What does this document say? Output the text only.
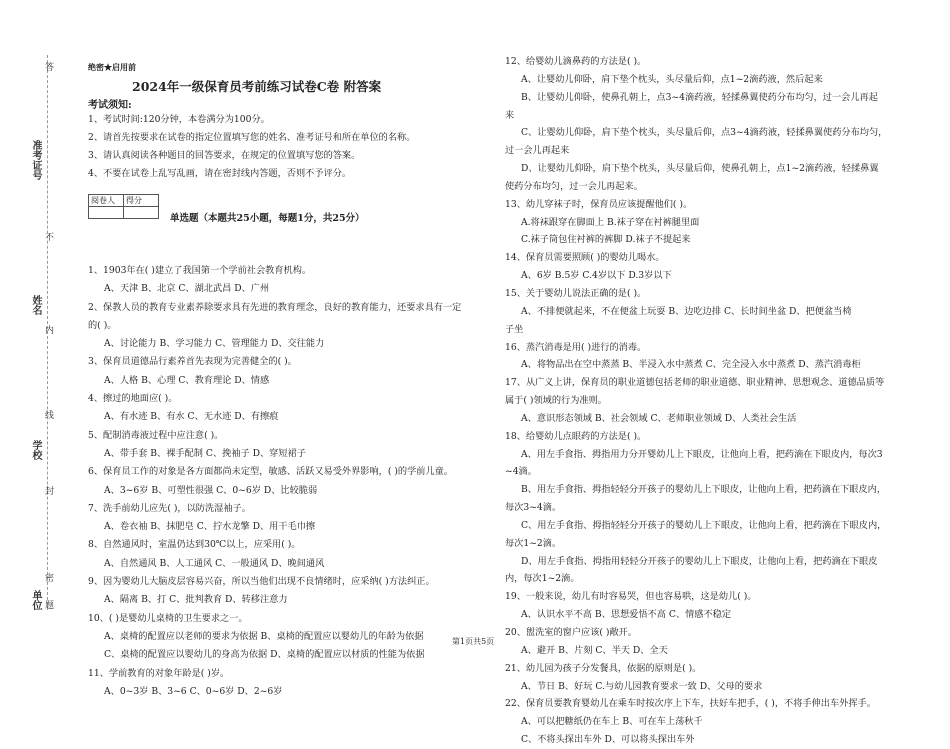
准考证号
姓名
学校
单位
答
不
内
线
封
密
题
绝密★启用前
2024年一级保育员考前练习试卷C卷 附答案
考试须知:

1、考试时间:120分钟，本卷满分为100分。

2、请首先按要求在试卷的指定位置填写您的姓名、准考证号和所在单位的名称。

3、请认真阅读各种题目的回答要求，在规定的位置填写您的答案。

4、不要在试卷上乱写乱画，请在密封线内答题，否则不予评分。

阅卷人	得分

单选题（本题共25小题，每题1分，共25分）

1、1903年在( )建立了我国第一个学前社会教育机构。

A、天津 B、北京 C、湖北武昌 D、广州

2、保教人员的教育专业素养除要求具有先进的教育理念，良好的教育能力，还要求具有一定

的( )。

A、讨论能力 B、学习能力 C、管理能力 D、交往能力

3、保育员道德品行素养首先表现为完善健全的( )。

A、人格 B、心理 C、教育理论 D、情感

4、擦过的地面应( )。

A、有水迹 B、有水 C、无水迹 D、有擦痕

5、配制消毒液过程中应注意( )。

A、带手套 B、裸手配制 C、挽袖子 D、穿短裙子

6、保育员工作的对象是各方面都尚未定型，敏感、活跃又易受外界影响，( )的学前儿童。

A、3~6岁 B、可塑性很强 C、0~6岁 D、比较脆弱

7、洗手前幼儿应先( )，以防洗湿袖子。

A、卷衣袖 B、抹肥皂 C、拧水龙擎 D、用干毛巾擦

8、自然通风时，室温仍达到30℃以上，应采用( )。

A、自然通风 B、人工通风 C、一般通风 D、晚间通风

9、因为婴幼儿大脑皮层容易兴奋，所以当他们出现不良情绪时，应采纳( )方法纠正。

A、隔离 B、打 C、批判教育 D、转移注意力

10、( )是婴幼儿桌椅的卫生要求之一。

A、桌椅的配置应以老师的要求为依据 B、桌椅的配置应以婴幼儿的年龄为依据

C、桌椅的配置应以婴幼儿的身高为依据 D、桌椅的配置应以材质的性能为依据

11、学前教育的对象年龄是( )岁。

A、0~3岁 B、3~6 C、0~6岁 D、2~6岁

12、给婴幼儿滴鼻药的方法是( )。

A、让婴幼儿仰卧，肩下垫个枕头，头尽量后仰，点1~2滴药液，然后起来

B、让婴幼儿仰卧，使鼻孔朝上，点3~4滴药液，轻揉鼻翼使药分布均匀，过一会儿再起

来

C、让婴幼儿仰卧，肩下垫个枕头，头尽量后仰，点3~4滴药液，轻揉鼻翼使药分布均匀，

过一会儿再起来

D、让婴幼儿仰卧，肩下垫个枕头，头尽量后仰，使鼻孔朝上，点1~2滴药液，轻揉鼻翼

使药分布均匀，过一会儿再起来。

13、幼儿穿袜子时，保育员应该提醒他们( )。

A.将袜跟穿在脚面上 B.袜子穿在衬裤腿里面

C.袜子筒包住衬裤的裤脚 D.袜子不提起来

14、保育员需要照顾( )的婴幼儿喝水。

A、6岁 B.5岁 C.4岁以下 D.3岁以下

15、关于婴幼儿说法正确的是( )。

A、不排便就起来，不在便盆上玩耍 B、边吃边排 C、长时间坐盆 D、把便盆当椅

子坐

16、蒸汽消毒是用( )进行的消毒。

A、将物品出在空中蒸蒸 B、半浸入水中蒸煮 C、完全浸入水中蒸煮 D、蒸汽消毒柜

17、从广义上讲，保育员的职业道德包括老师的职业道德、职业精神、思想观念、道德品质等

属于( )领域的行为准则。

A、意识形态领域 B、社会领域 C、老师职业领域 D、人类社会生活

18、给婴幼儿点眼药的方法是( )。

A、用左手食指、拇指用力分开婴幼儿上下眼皮，让他向上看，把药滴在下眼皮内，每次3

~4滴。

B、用左手食指、拇指轻轻分开孩子的婴幼儿上下眼皮，让他向上看，把药滴在下眼皮内，

每次3~4滴。

C、用左手食指、拇指轻轻分开孩子的婴幼儿上下眼皮，让他向上看，把药滴在下眼皮内，

每次1~2滴。

D、用左手食指、拇指用轻轻分开孩子的婴幼儿上下眼皮，让他向上看，把药滴在下眼皮

内，每次1~2滴。

19、一般来说，幼儿有时容易哭，但也容易哄，这是幼儿( )。

A、认识水平不高 B、思想爱悟不高 C、情感不稳定

20、盥洗室的窗户应该( )敞开。

A、避开 B、片刻 C、半天 D、全天

21、幼儿园为孩子分发餐具，依据的原则是( )。

A、节日 B、好玩 C.与幼儿园教育要求一致 D、父母的要求

22、保育员要教育婴幼儿在乘车时按次序上下车，扶好车把手，( )，不将手伸出车外挥手。

A、可以把糖纸仍在车上 B、可在车上荡秋千

C、不将头探出车外 D、可以将头探出车外

第1页共5页
